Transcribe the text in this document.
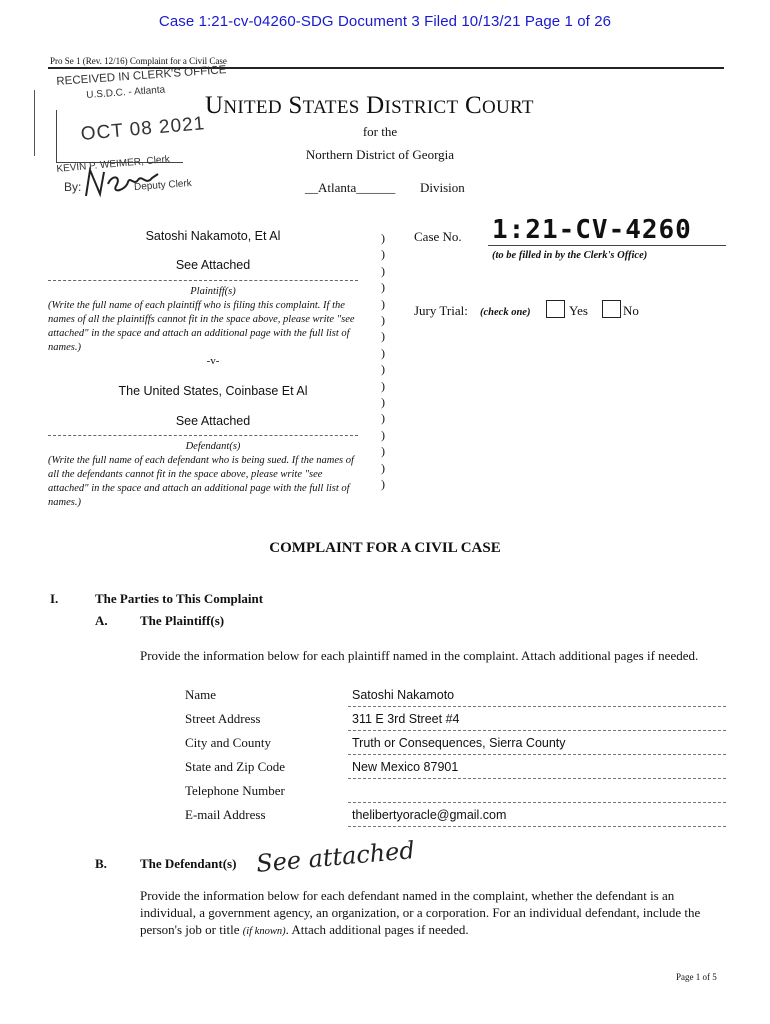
Case 1:21-cv-04260-SDG Document 3 Filed 10/13/21 Page 1 of 26
Pro Se 1 (Rev. 12/16) Complaint for a Civil Case
RECEIVED IN CLERK'S OFFICE
U.S.D.C. - Atlanta
OCT 08 2021
KEVIN P. WEIMER, Clerk
By:	Deputy Clerk
UNITED STATES DISTRICT COURT
for the
Northern District of Georgia
__Atlanta______ Division
Satoshi Nakamoto, Et Al
See Attached
Plaintiff(s)
(Write the full name of each plaintiff who is filing this complaint. If the names of all the plaintiffs cannot fit in the space above, please write "see attached" in the space and attach an additional page with the full list of names.)
-v-
The United States, Coinbase Et Al
See Attached
Defendant(s)
(Write the full name of each defendant who is being sued. If the names of all the defendants cannot fit in the space above, please write "see attached" in the space and attach an additional page with the full list of names.)
)
)
)
)
)
)
)
)
)
)
)
)
)
)
)
)
Case No. 1:21-CV-4260
(to be filled in by the Clerk's Office)
Jury Trial: (check one)	Yes	No
COMPLAINT FOR A CIVIL CASE
I.	The Parties to This Complaint
A. The Plaintiff(s)
Provide the information below for each plaintiff named in the complaint. Attach additional pages if needed.
Name	Satoshi Nakamoto
Street Address	311 E 3rd Street #4
City and County	Truth or Consequences, Sierra County
State and Zip Code	New Mexico 87901
Telephone Number
E-mail Address	thelibertyoracle@gmail.com
B.	The Defendant(s) See attached
Provide the information below for each defendant named in the complaint, whether the defendant is an individual, a government agency, an organization, or a corporation. For an individual defendant, include the person's job or title (if known). Attach additional pages if needed.
Page 1 of 5
